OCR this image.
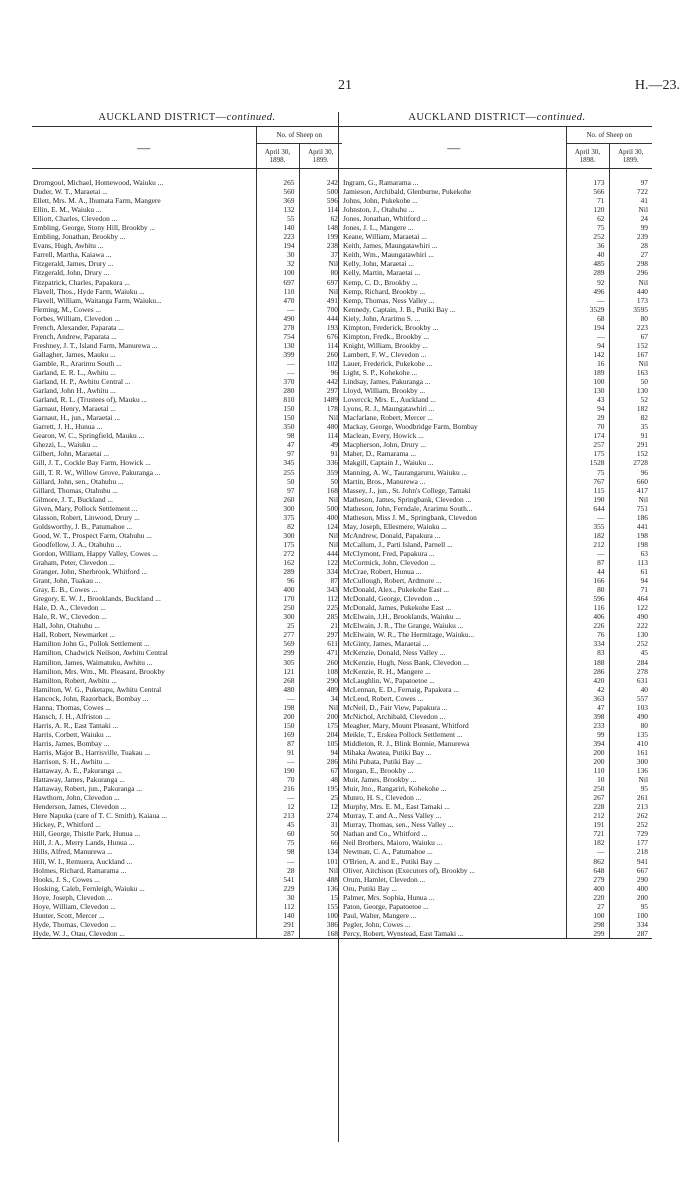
21	H.—23.
AUCKLAND DISTRICT—continued.
—	No. of Sheep on	
	April 30, 1898.	April 30, 1899.

Dromgool, Michael, Homewood, Waiuku ...	265	242
Duder, W. T., Maraetai ...	560	500
Ellett, Mrs. M. A., Ihumata Farm, Mangere	369	596
Ellin, E. M., Waiuku ...	132	114
Elliott, Charles, Clevedon ...	55	62
Embling, George, Stony Hill, Brookby ...	140	148
Embling, Jonathan, Brookby ...	223	199
Evans, Hugh, Awhitu ...	194	238
Farrell, Martha, Kaiawa ...	30	37
Fitzgerald, James, Drury ...	32	Nil
Fitzgerald, John, Drury ...	100	80
Fitzpatrick, Charles, Papakura ...	697	697
Flavell, Thos., Hyde Farm, Waiuku ...	110	Nil
Flavell, William, Waitanga Farm, Waiuku...	470	491
Fleming, M., Cowes ...	—	700
Forbes, William, Clevedon ...	490	444
French, Alexander, Paparata ...	278	193
French, Andrew, Paparata ...	754	676
Freshney, J. T., Island Farm, Manurewa ...	130	114
Gallagher, James, Mauku ...	399	260
Gamble, R., Ararimu South ...	—	102
Garland, E. R. L., Awhitu ...	—	96
Garland, H. P., Awhitu Central ...	370	442
Garland, John H., Awhitu ...	280	297
Garland, R. L. (Trustees of), Mauku ...	810	1489
Garnaut, Henry, Maraetai ...	150	178
Garnaut, H., jun., Maraetai ...	150	Nil
Garrett, J. H., Hunua ...	350	480
Gearon, W. C., Springfield, Mauku ...	98	114
Ghezzi, L., Waiuku ...	47	49
Gilbert, John, Maraetai ...	97	91
Gill, J. T., Cockle Bay Farm, Howick ...	345	336
Gill, T. R. W., Willow Grove, Pakuranga ...	255	359
Gillard, John, sen., Otahuhu ...	50	50
Gillard, Thomas, Otahuhu ...	97	168
Gilmore, J. T., Buckland ...	260	Nil
Given, Mary, Pollock Settlement ...	300	500
Glasson, Robert, Linwood, Drury ...	375	400
Goldsworthy, J. B., Patumahoe ...	82	124
Good, W. T., Prospect Farm, Otahuhu ...	300	Nil
Goodfellow, J. A., Otahuhu ...	175	Nil
Gordon, William, Happy Valley, Cowes ...	272	444
Graham, Peter, Clevedon ...	162	122
Granger, John, Sherbrook, Whitford ...	289	334
Grant, John, Tuakau ...	96	87
Gray, E. B., Cowes ...	400	343
Gregory, E. W. J., Brooklands, Buckland ...	170	112
Hale, D. A., Clevedon ...	250	225
Hale, R. W., Clevedon ...	300	285
Hall, John, Otahuhu ...	25	21
Hall, Robert, Newmarket ...	277	297
Hamilton John G., Pollok Settlement ...	569	611
Hamilton, Chadwick Neilson, Awhitu Central	299	471
Hamilton, James, Waimatuku, Awhitu ...	305	260
Hamilton, Mrs. Wm., Mt. Pleasant, Brookby	121	108
Hamilton, Robert, Awhitu ...	268	290
Hamilton, W. G., Puketapu, Awhitu Central	480	489
Hancock, John, Razorback, Bombay ...	—	34
Hanna, Thomas, Cowes ...	198	Nil
Hansch, J. H., Alfriston ...	200	200
Harris, A. R., East Tamaki ...	150	175
Harris, Corbett, Waiuku ...	169	204
Harris, James, Bombay ...	87	105
Harris, Major B., Harrisville, Tuakau ...	91	94
Harrison, S. H., Awhitu ...	—	286
Hattaway, A. E., Pakuranga ...	190	67
Hattaway, James, Pakuranga ...	70	48
Hattaway, Robert, jun., Pakuranga ...	216	195
Hawthorn, John, Clevedon ...	—	25
Henderson, James, Clevedon ...	12	12
Here Napuka (care of T. C. Smith), Kaiaua ...	213	274
Hickey, P., Whitford ...	45	31
Hill, George, Thistle Park, Hunua ...	60	50
Hill, J. A., Merry Lands, Hunua ...	75	66
Hills, Alfred, Manurewa ...	98	134
Hill, W. I., Remuera, Auckland ...	—	101
Holmes, Richard, Ramarama ...	28	Nil
Hooks, J. S., Cowes ...	541	488
Hosking, Caleb, Fernleigh, Waiuku ...	229	136
Hoye, Joseph, Clevedon ...	30	15
Hoye, William, Clevedon ...	112	155
Hunter, Scott, Mercer ...	140	100
Hyde, Thomas, Clevedon ...	291	386
Hyde, W. J., Otau, Clevedon ...	287	168
AUCKLAND DISTRICT—continued.
—	No. of Sheep on	
	April 30, 1898.	April 30, 1899.

Ingram, G., Ramarama ...	173	97
Jamieson, Archibald, Glenburne, Pukekohe	566	722
Johns, John, Pukekohe ...	71	41
Johnston, J., Otahuhu ...	120	Nil
Jones, Jonathan, Whitford ...	62	24
Jones, J. L., Mangere ...	75	99
Keane, William, Maraetai ...	252	239
Keith, James, Maungatawhiri ...	36	28
Keith, Wm., Maungatawhiri ...	40	27
Kelly, John, Maraetai ...	485	298
Kelly, Martin, Maraetai ...	289	296
Kemp, C. D., Brookby ...	92	Nil
Kemp, Richard, Brookby ...	496	440
Kemp, Thomas, Ness Valley ...	—	173
Kennedy, Captain, J. B., Putiki Bay ...	3529	3595
Kiely, John, Ararimu S. ...	68	80
Kimpton, Frederick, Brookby ...	194	223
Kimpton, Fredk., Brookby ...	—	67
Knight, William, Brookby ...	94	152
Lambert, F. W., Clevedon ...	142	167
Lauer, Frederick, Pukekohe ...	16	Nil
Light, S. P., Kohekohe ...	189	163
Lindsay, James, Pakuranga ...	100	50
Lloyd, William, Brookby ...	130	130
Lovercck, Mrs. E., Auckland ...	43	52
Lyons, R. J., Maungatawhiri ...	94	182
Macfarlane, Robert, Mercer ...	29	82
Mackay, George, Woodbridge Farm, Bombay	70	35
Maclean, Every, Howick ...	174	91
Macpherson, John, Drury ...	257	291
Maher, D., Ramarama ...	175	152
Makgill, Captain J., Waiuku ...	1528	2728
Manning, A. W., Taurangaruru, Waiuku ...	75	96
Martin, Bros., Manurewa ...	767	660
Massey, J., jun., St. John's College, Tamaki	115	417
Matheson, James, Springbank, Clevedon ...	190	Nil
Matheson, John, Ferndale, Ararimu South...	644	751
Matheson, Miss J. M., Springbank, Clevedon	—	186
May, Joseph, Ellesmere, Waiuku ...	355	441
McAndrew, Donald, Papakura ...	182	198
McCallum, J., Parti Island, Parnell ...	212	198
McClymont, Fred, Papakura ...	—	63
McCormick, John, Clevedon ...	87	113
McCrae, Robert, Hunua ...	44	61
McCullough, Robert, Ardmore ...	166	94
McDonald, Alex., Pukekohe East ...	80	71
McDonald, George, Clevedon ...	596	464
McDonald, James, Pukekohe East ...	116	122
McElwain, J.H., Brooklands, Waiuku ...	406	490
McElwain, J. R., The Grange, Waiuku ...	226	222
McElwain, W. R., The Hermitage, Waiuku...	76	130
McGinty, James, Maraetai ...	334	252
McKenzie, Donald, Ness Valley ...	83	45
McKenzie, Hugh, Ness Bank, Clevedon ...	188	284
McKenzie, R. H., Mangere ...	286	278
McLaughlin, W., Papatoetoe ...	420	631
McLennan, E. D., Fernaig, Papakura ...	42	40
McLeod, Robert, Cowes ...	363	557
McNeil, D., Fair View, Papakura ...	47	103
McNichol, Archibald, Clevedon ...	398	490
Meagher, Mary, Mount Pleasant, Whitford	233	80
Meikle, T., Erskea Pollock Settlement ...	99	135
Middleton, R. J., Blink Bonnie, Manurewa	394	410
Mihaka Awatea, Putiki Bay ...	200	161
Mihi Pubata, Putiki Bay ...	200	300
Morgan, E., Brookby ...	110	136
Muir, James, Brookby ...	10	Nil
Muir, Jno., Rangariri, Kohekohe ...	250	95
Munro, H. S., Clevedon ...	267	261
Murphy, Mrs. E. M., East Tamaki ...	228	213
Murray, T. and A., Ness Valley ...	212	262
Murray, Thomas, sen., Ness Valley ...	191	252
Nathan and Co., Whitford ...	721	729
Neil Brothers, Maioro, Waiuku ...	182	177
Newman, C. A., Patumahoe ...	—	218
O'Brien, A. and E., Putiki Bay ...	862	941
Oliver, Aitchison (Executors of), Brookby ...	648	667
Orum, Hamlet, Clevedon ...	279	290
Oru, Putiki Bay ...	400	400
Palmer, Mrs. Sophia, Hunua ...	220	200
Paton, George, Papatoetoe ...	27	95
Paul, Walter, Mangere ...	100	100
Pegler, John, Cowes ...	298	334
Percy, Robert, Wynstead, East Tamaki ...	299	287
